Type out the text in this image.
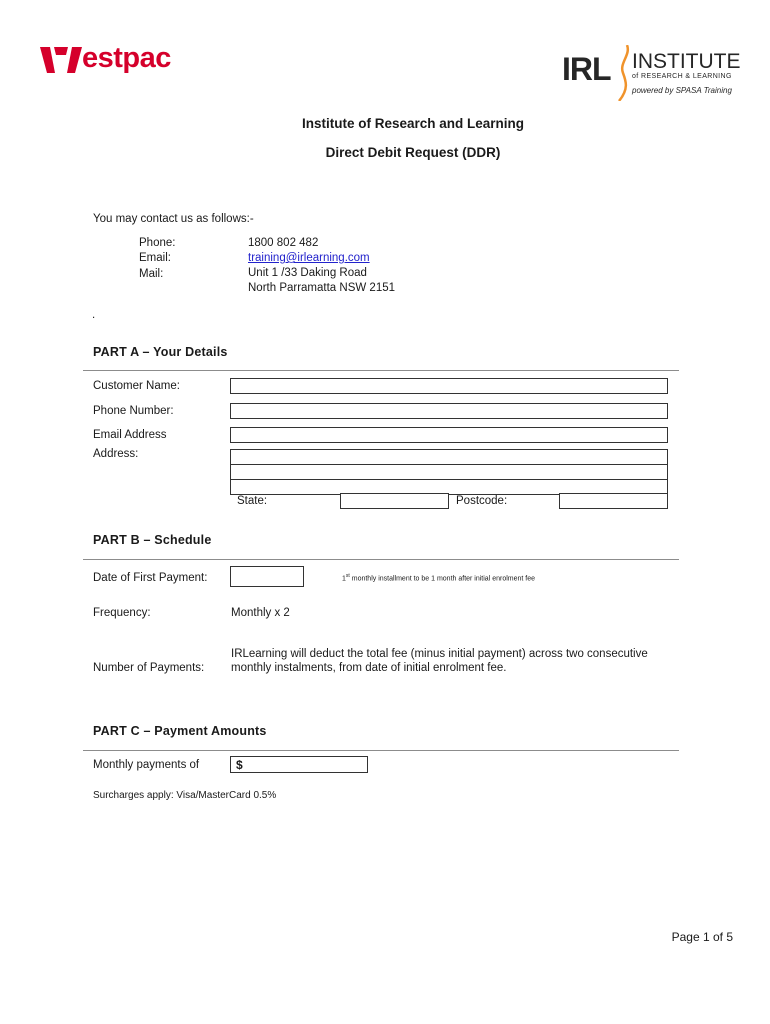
estpac	IRL INSTITUTE
of RESEARCH & LEARNING
powered by SPASA Training
Institute of Research and Learning
Direct Debit Request (DDR)
You may contact us as follows:-
Phone:	1800 802 482
Email:	training@irlearning.com
Mail:	Unit 1 /33 Daking Road
North Parramatta NSW 2151
.
PART A – Your Details
Customer Name:
Phone Number:
Email Address
Address:
State:	Postcode:
PART B – Schedule
Date of First Payment:	1st monthly installment to be 1 month after initial enrolment fee
Frequency:	Monthly x 2
Number of Payments:
IRLearning will deduct the total fee (minus initial payment) across two consecutive
monthly instalments, from date of initial enrolment fee.
PART C – Payment Amounts
Monthly payments of	$
Surcharges apply: Visa/MasterCard 0.5%
Page 1 of 5
